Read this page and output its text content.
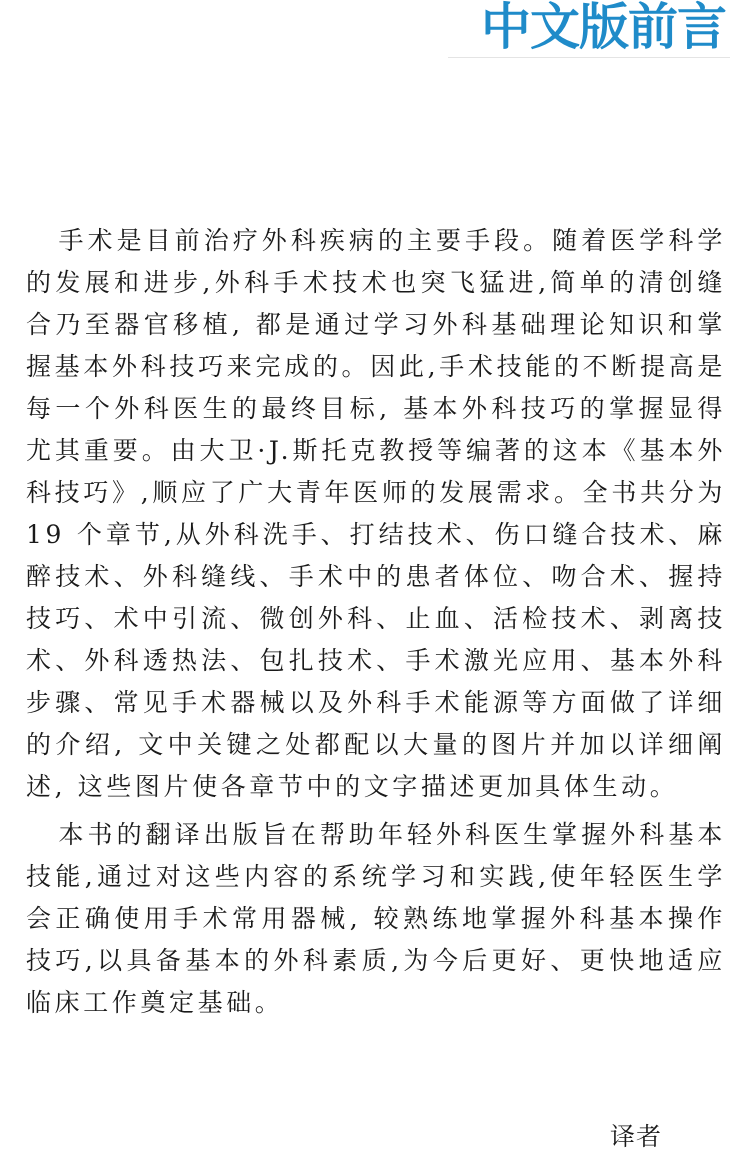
中文版前言

手术是目前治疗外科疾病的主要手段。随着医学科学的发展和进步,外科手术技术也突飞猛进,简单的清创缝合乃至器官移植, 都是通过学习外科基础理论知识和掌握基本外科技巧来完成的。因此,手术技能的不断提高是每一个外科医生的最终目标, 基本外科技巧的掌握显得尤其重要。由大卫·J.斯托克教授等编著的这本《基本外科技巧》,顺应了广大青年医师的发展需求。全书共分为 19 个章节,从外科洗手、打结技术、伤口缝合技术、麻醉技术、外科缝线、手术中的患者体位、吻合术、握持技巧、术中引流、微创外科、止血、活检技术、剥离技术、外科透热法、包扎技术、手术激光应用、基本外科步骤、常见手术器械以及外科手术能源等方面做了详细的介绍, 文中关键之处都配以大量的图片并加以详细阐述, 这些图片使各章节中的文字描述更加具体生动。

本书的翻译出版旨在帮助年轻外科医生掌握外科基本技能,通过对这些内容的系统学习和实践,使年轻医生学会正确使用手术常用器械, 较熟练地掌握外科基本操作技巧,以具备基本的外科素质,为今后更好、更快地适应临床工作奠定基础。

译者
